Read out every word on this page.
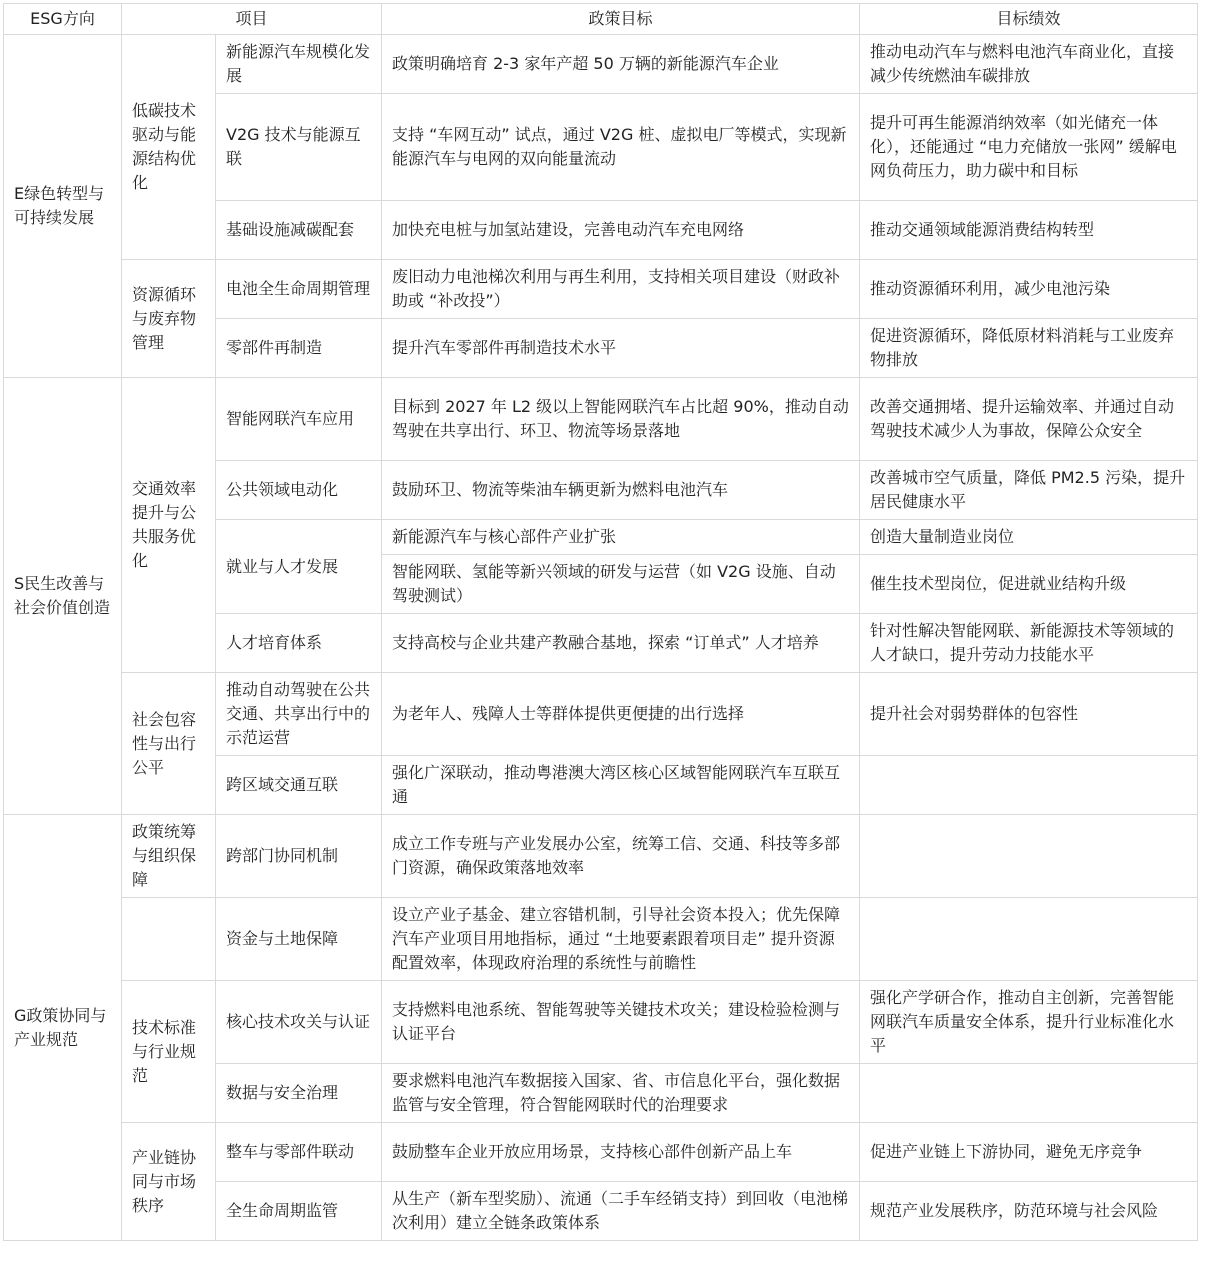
ESG方向	项目		政策目标	目标绩效
E绿色转型与可持续发展	低碳技术驱动与能源结构优化	新能源汽车规模化发展	政策明确培育 2-3 家年产超 50 万辆的新能源汽车企业	推动电动汽车与燃料电池汽车商业化，直接减少传统燃油车碳排放
		V2G 技术与能源互联	支持 “车网互动” 试点，通过 V2G 桩、虚拟电厂等模式，实现新能源汽车与电网的双向能量流动	提升可再生能源消纳效率（如光储充一体化），还能通过 “电力充储放一张网” 缓解电网负荷压力，助力碳中和目标
		基础设施减碳配套	加快充电桩与加氢站建设，完善电动汽车充电网络	推动交通领域能源消费结构转型
	资源循环与废弃物管理	电池全生命周期管理	废旧动力电池梯次利用与再生利用，支持相关项目建设（财政补助或 “补改投”）	推动资源循环利用，减少电池污染
		零部件再制造	提升汽车零部件再制造技术水平	促进资源循环，降低原材料消耗与工业废弃物排放
S民生改善与社会价值创造	交通效率提升与公共服务优化	智能网联汽车应用	目标到 2027 年 L2 级以上智能网联汽车占比超 90%，推动自动驾驶在共享出行、环卫、物流等场景落地	改善交通拥堵、提升运输效率、并通过自动驾驶技术减少人为事故，保障公众安全
		公共领域电动化	鼓励环卫、物流等柴油车辆更新为燃料电池汽车	改善城市空气质量，降低 PM2.5 污染，提升居民健康水平
		就业与人才发展	新能源汽车与核心部件产业扩张	创造大量制造业岗位
			智能网联、氢能等新兴领域的研发与运营（如 V2G 设施、自动驾驶测试）	催生技术型岗位，促进就业结构升级
		人才培育体系	支持高校与企业共建产教融合基地，探索 “订单式” 人才培养	针对性解决智能网联、新能源技术等领域的人才缺口，提升劳动力技能水平
	社会包容性与出行公平	推动自动驾驶在公共交通、共享出行中的示范运营	为老年人、残障人士等群体提供更便捷的出行选择	提升社会对弱势群体的包容性
		跨区域交通互联	强化广深联动，推动粤港澳大湾区核心区域智能网联汽车互联互通	
G政策协同与产业规范	政策统筹与组织保障	跨部门协同机制	成立工作专班与产业发展办公室，统筹工信、交通、科技等多部门资源，确保政策落地效率	
		资金与土地保障	设立产业子基金、建立容错机制，引导社会资本投入；优先保障汽车产业项目用地指标，通过 “土地要素跟着项目走” 提升资源配置效率，体现政府治理的系统性与前瞻性	
	技术标准与行业规范	核心技术攻关与认证	支持燃料电池系统、智能驾驶等关键技术攻关；建设检验检测与认证平台	强化产学研合作，推动自主创新，完善智能网联汽车质量安全体系，提升行业标准化水平
		数据与安全治理	要求燃料电池汽车数据接入国家、省、市信息化平台，强化数据监管与安全管理，符合智能网联时代的治理要求	
	产业链协同与市场秩序	整车与零部件联动	鼓励整车企业开放应用场景，支持核心部件创新产品上车	促进产业链上下游协同，避免无序竞争
		全生命周期监管	从生产（新车型奖励）、流通（二手车经销支持）到回收（电池梯次利用）建立全链条政策体系	规范产业发展秩序，防范环境与社会风险
